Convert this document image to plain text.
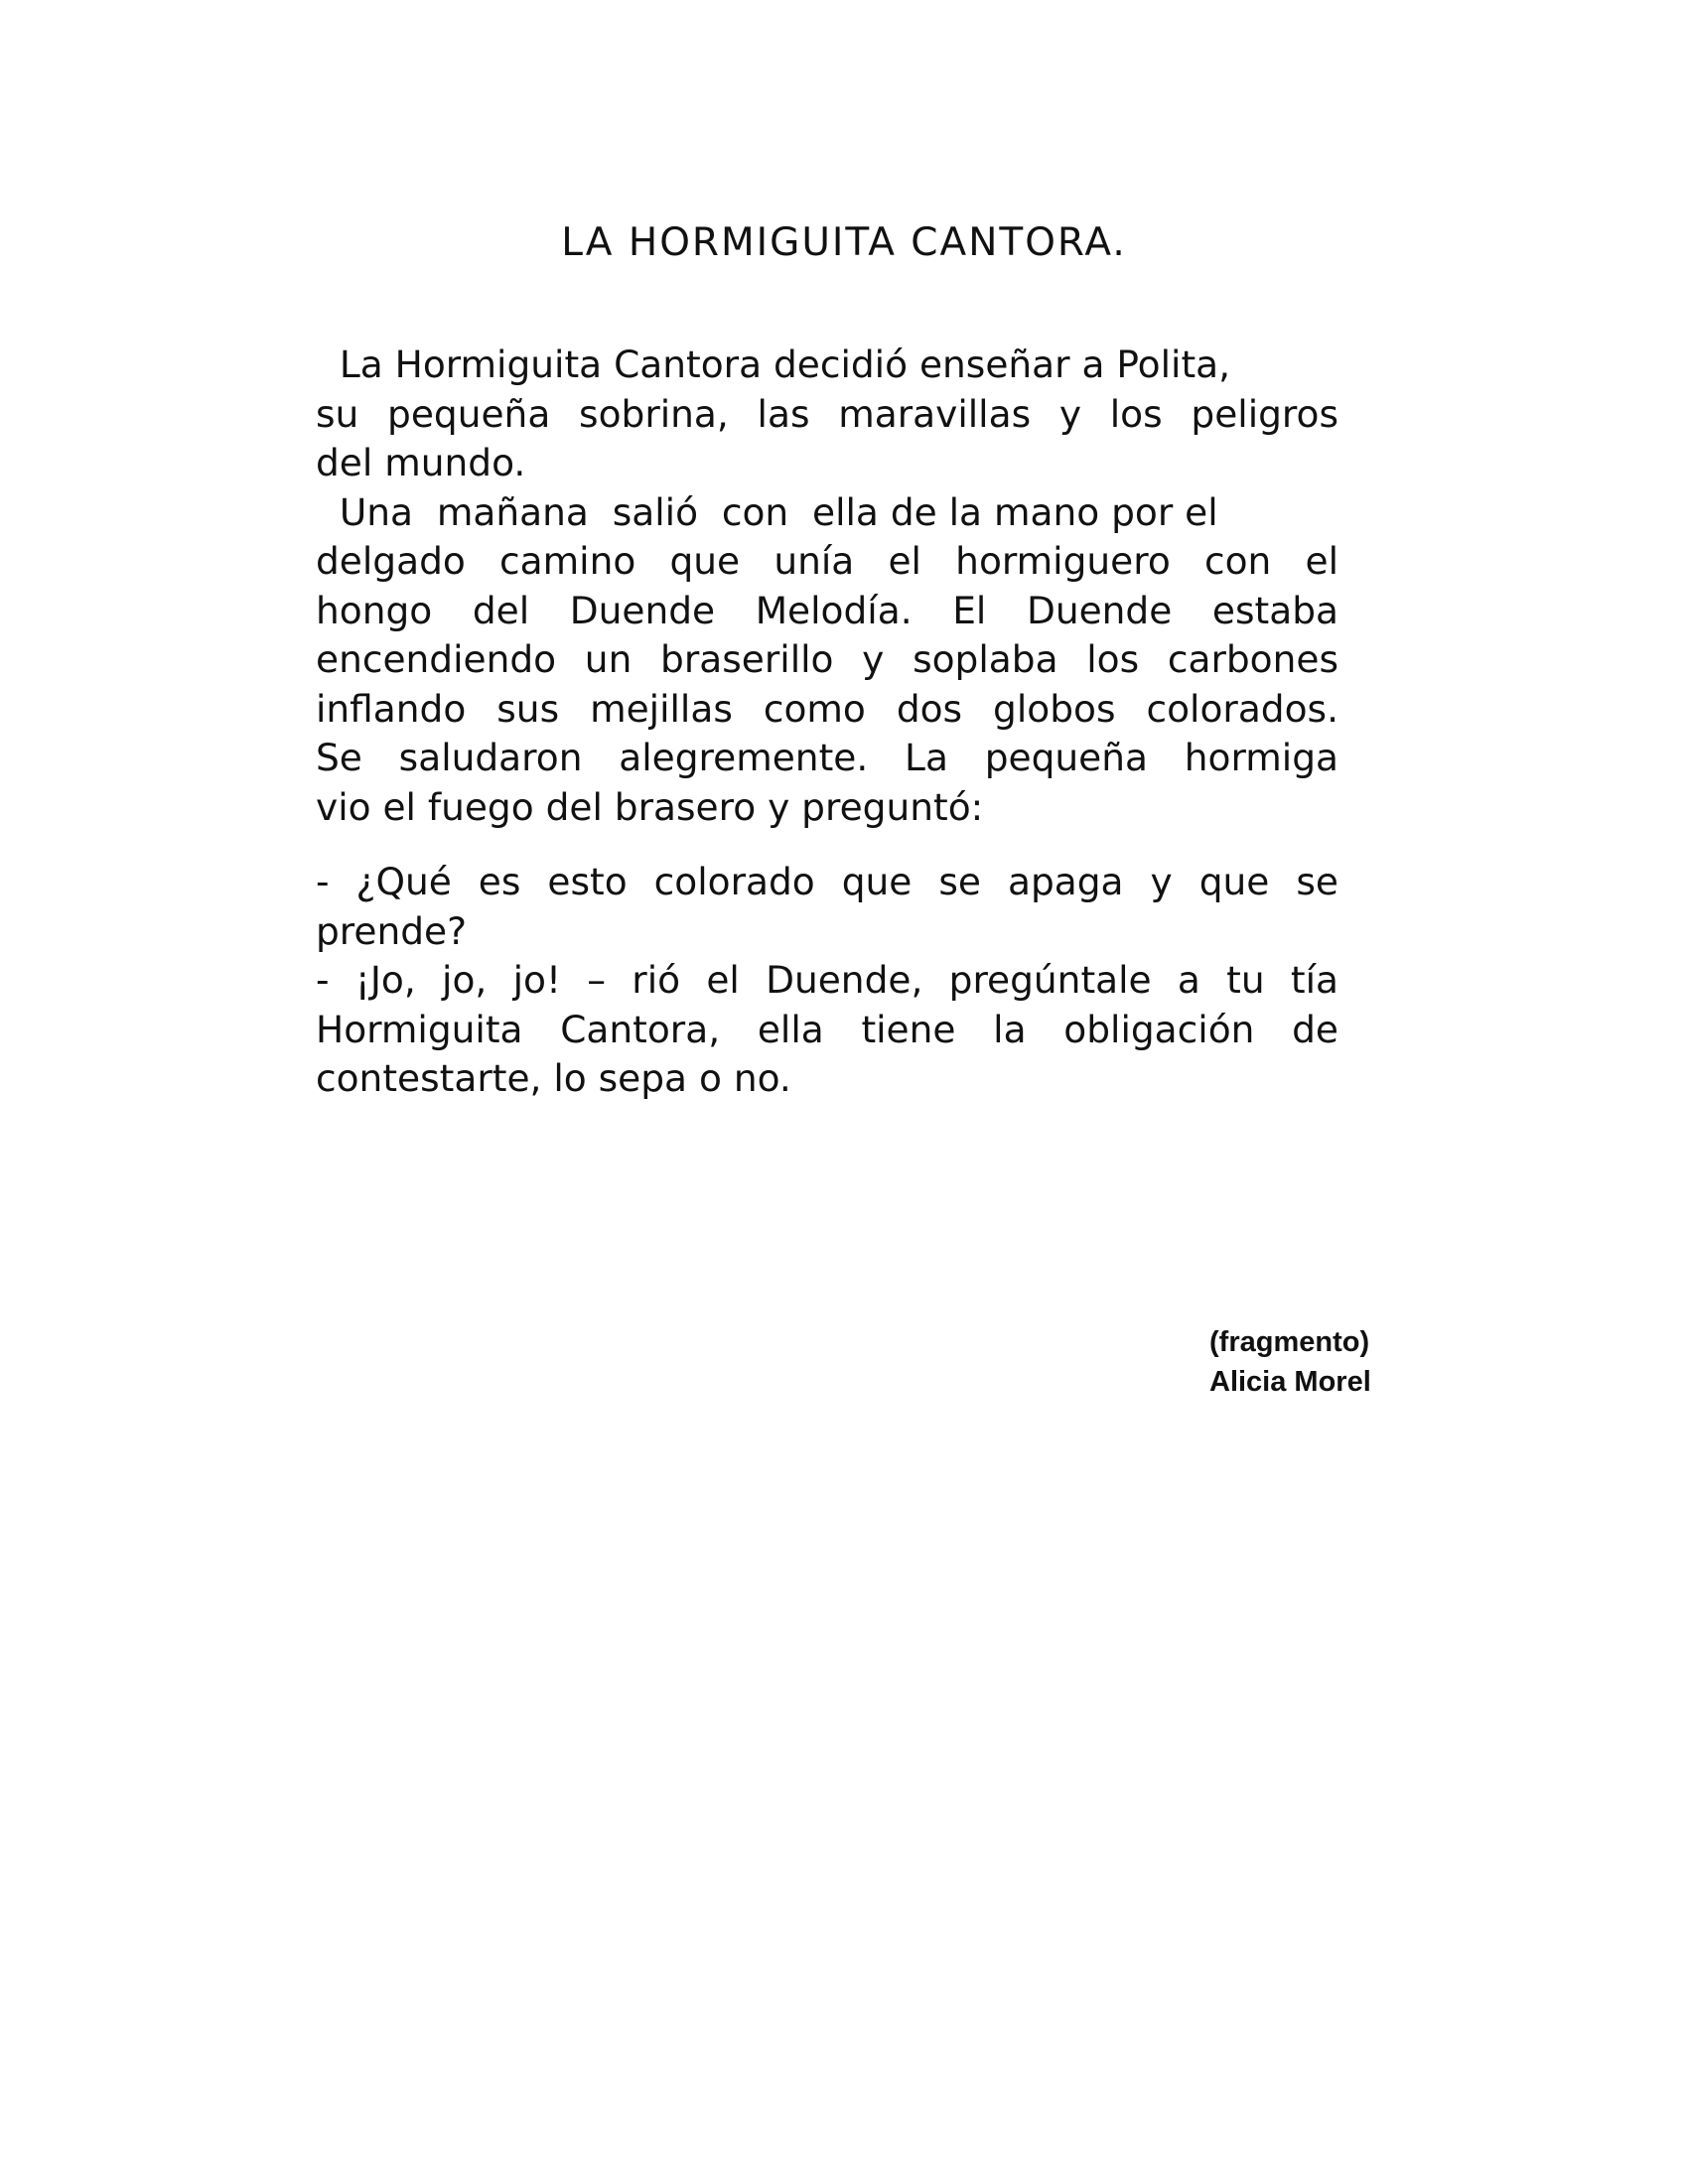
LA HORMIGUITA CANTORA.
La Hormiguita Cantora decidió enseñar a Polita,
su pequeña sobrina, las maravillas y los peligros
del mundo.
Una  mañana  salió  con  ella de la mano por el
delgado camino que unía el hormiguero con el
hongo del Duende Melodía. El Duende estaba
encendiendo un braserillo y soplaba los carbones
inflando sus mejillas como dos globos colorados.
Se saludaron alegremente. La pequeña hormiga
vio el fuego del brasero y preguntó:
- ¿Qué es esto colorado que se apaga y que se
prende?
- ¡Jo, jo, jo! – rió el Duende, pregúntale a tu tía
Hormiguita Cantora, ella tiene la obligación de
contestarte, lo sepa o no.
(fragmento)
Alicia Morel
